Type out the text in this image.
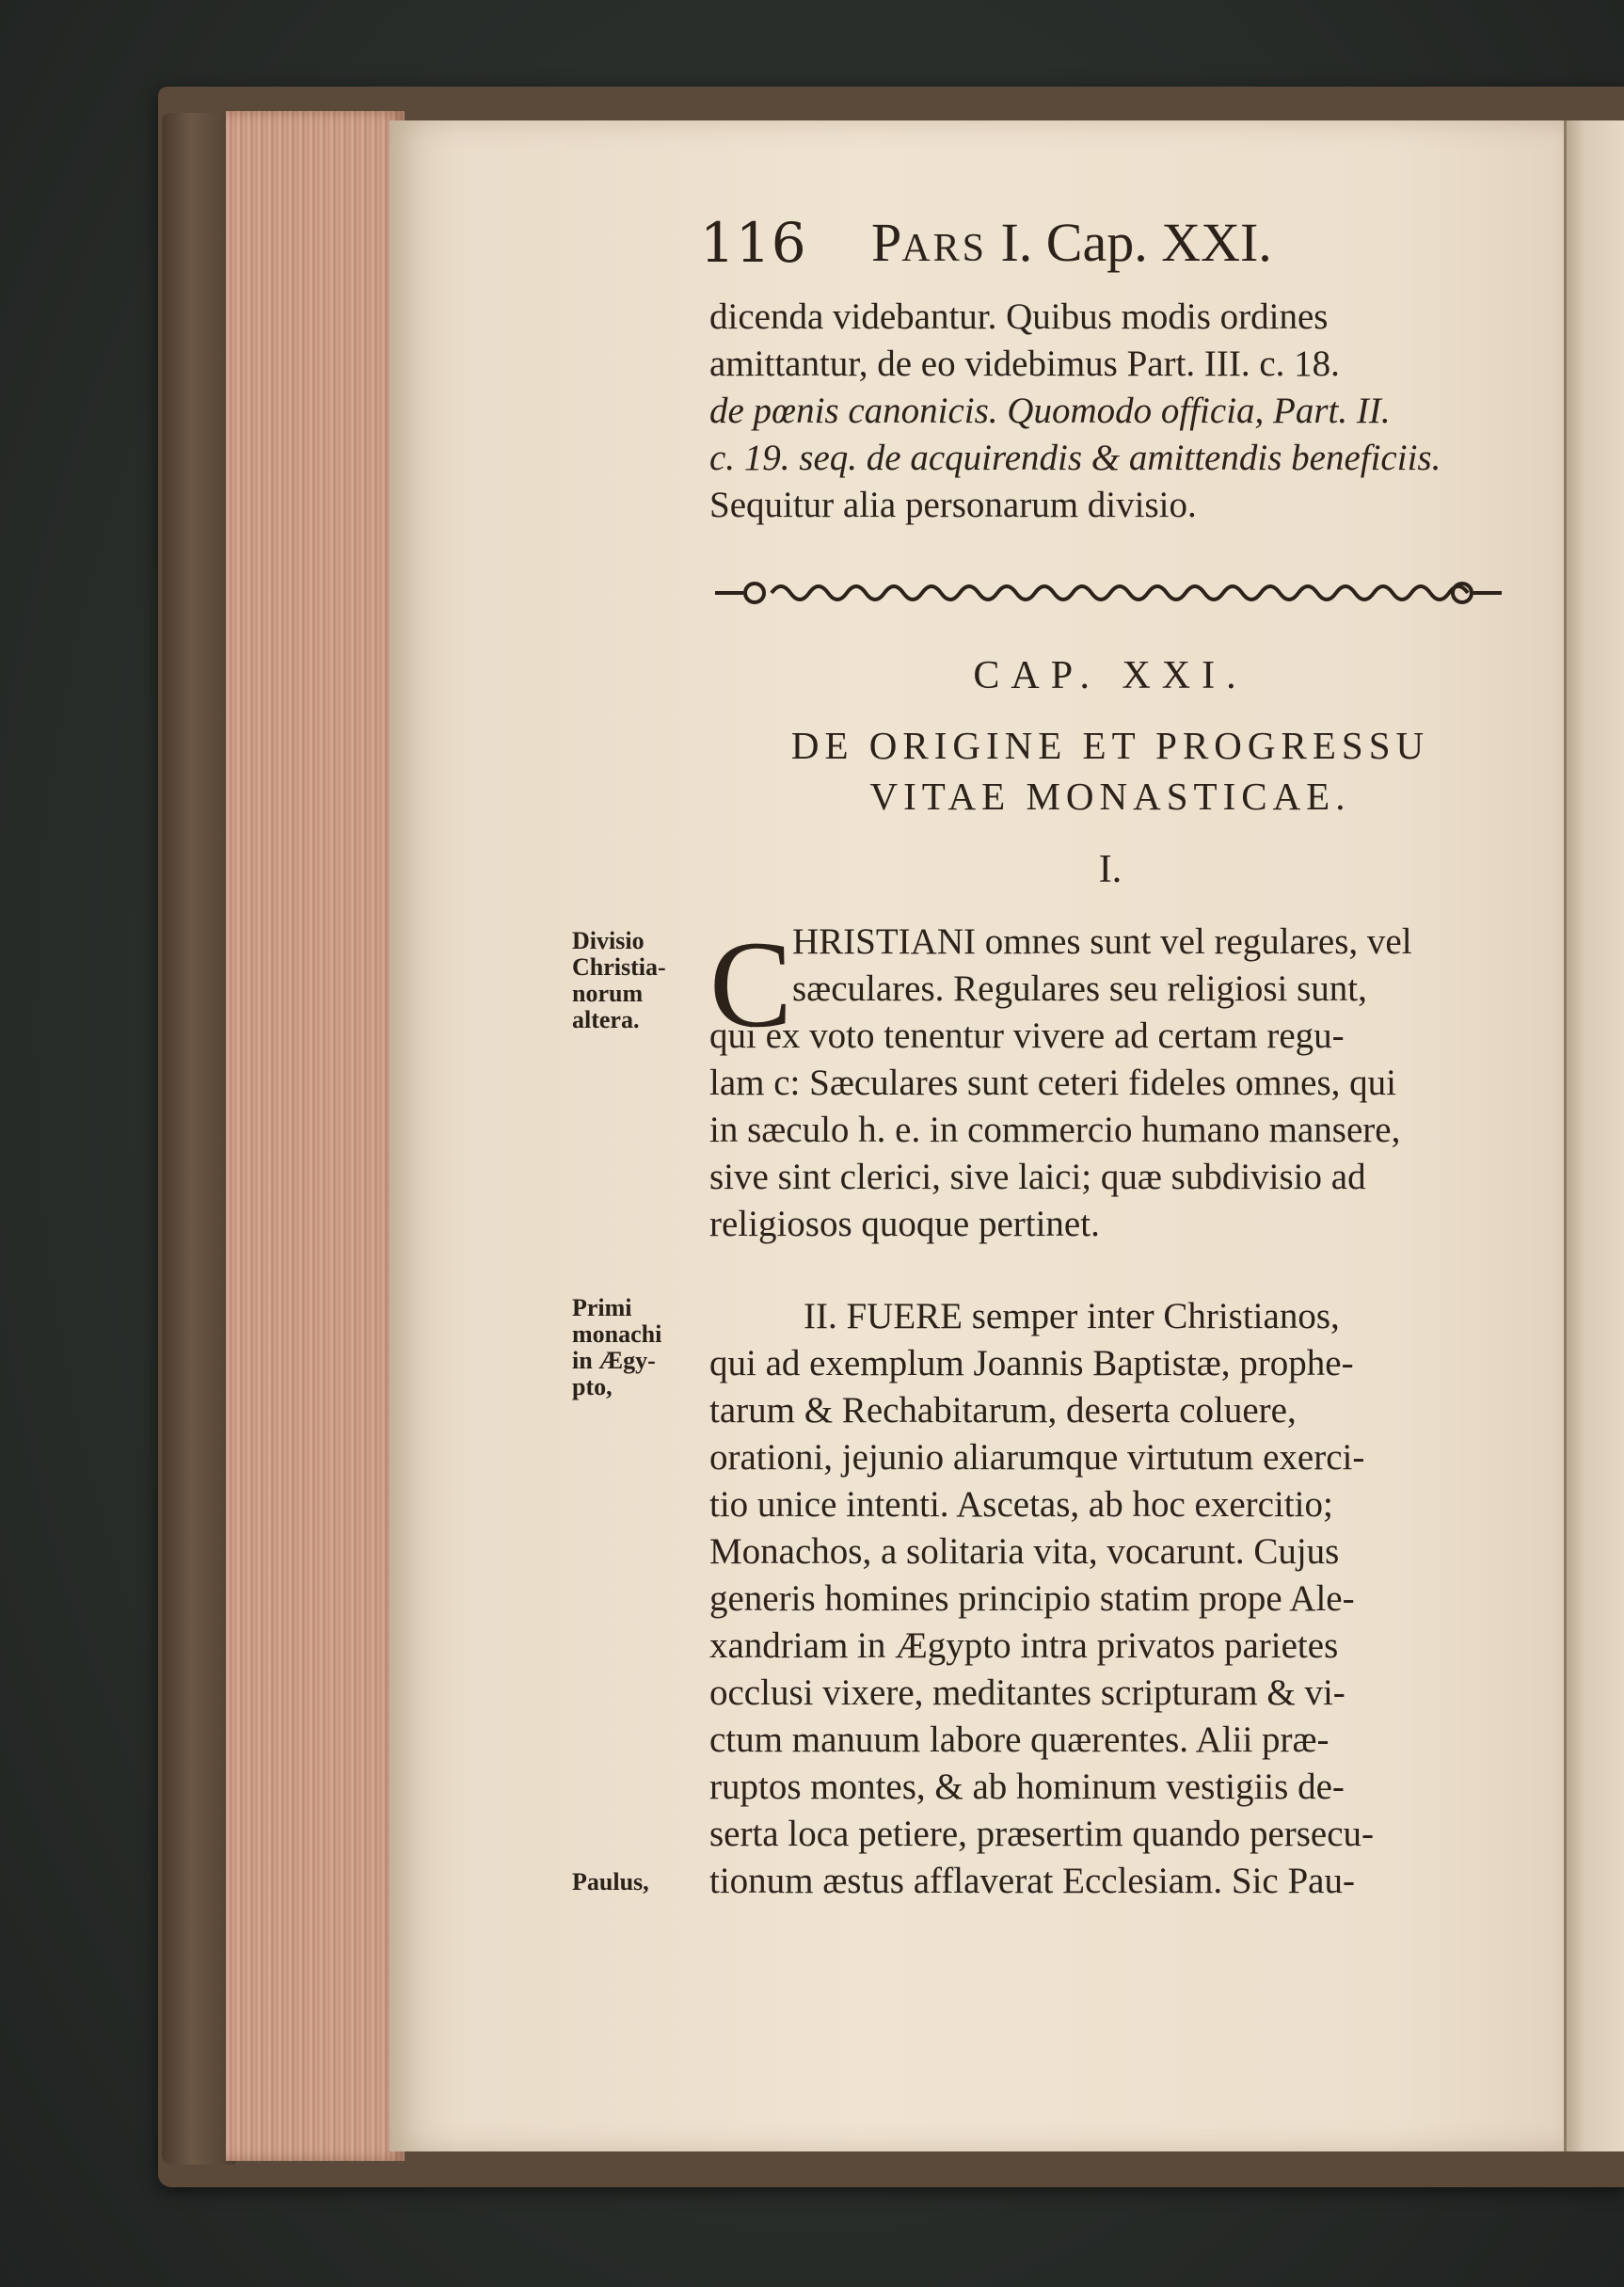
116 PARS I. Cap. XXI.
dicenda videbantur. Quibus modis ordines
amittantur, de eo videbimus Part. III. c. 18.
de pœnis canonicis. Quomodo officia, Part. II.
c. 19. seq. de acquirendis & amittendis beneficiis.
Sequitur alia personarum divisio.
CAP. XXI.
DE ORIGINE ET PROGRESSU
VITAE MONASTICAE.
I.
C HRISTIANI omnes sunt vel regulares, vel
sæculares. Regulares seu religiosi sunt,
qui ex voto tenentur vivere ad certam regu-
lam c: Sæculares sunt ceteri fideles omnes, qui
in sæculo h. e. in commercio humano mansere,
sive sint clerici, sive laici; quæ subdivisio ad
religiosos quoque pertinet.
II. FUERE semper inter Christianos,
qui ad exemplum Joannis Baptistæ, prophe-
tarum & Rechabitarum, deserta coluere,
orationi, jejunio aliarumque virtutum exerci-
tio unice intenti. Ascetas, ab hoc exercitio;
Monachos, a solitaria vita, vocarunt. Cujus
generis homines principio statim prope Ale-
xandriam in Ægypto intra privatos parietes
occlusi vixere, meditantes scripturam & vi-
ctum manuum labore quærentes. Alii præ-
ruptos montes, & ab hominum vestigiis de-
serta loca petiere, præsertim quando persecu-
tionum æstus afflaverat Ecclesiam. Sic Pau-
Divisio
Christia-
norum
altera.
Primi
monachi
in Ægy-
pto,
Paulus,
